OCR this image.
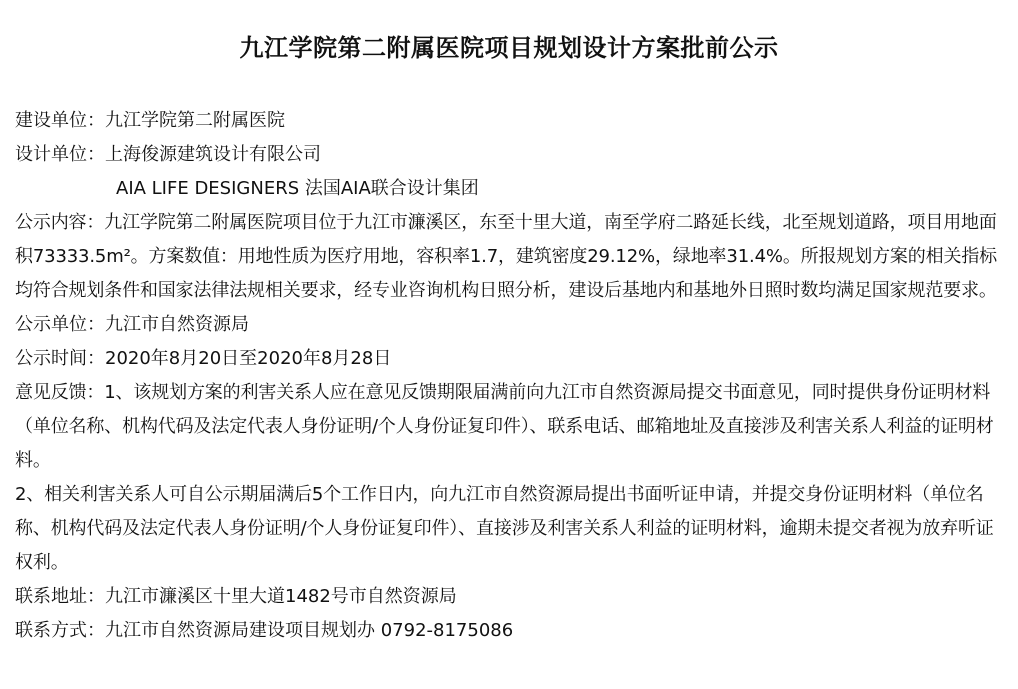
九江学院第二附属医院项目规划设计方案批前公示
建设单位：九江学院第二附属医院
设计单位：上海俊源建筑设计有限公司
AIA LIFE DESIGNERS 法国AIA联合设计集团
公示内容：九江学院第二附属医院项目位于九江市濂溪区，东至十里大道，南至学府二路延长线，北至规划道路，项目用地面积73333.5m²。方案数值：用地性质为医疗用地，容积率1.7，建筑密度29.12%，绿地率31.4%。所报规划方案的相关指标均符合规划条件和国家法律法规相关要求，经专业咨询机构日照分析，建设后基地内和基地外日照时数均满足国家规范要求。
公示单位：九江市自然资源局
公示时间：2020年8月20日至2020年8月28日
意见反馈：1、该规划方案的利害关系人应在意见反馈期限届满前向九江市自然资源局提交书面意见，同时提供身份证明材料（单位名称、机构代码及法定代表人身份证明/个人身份证复印件）、联系电话、邮箱地址及直接涉及利害关系人利益的证明材料。
2、相关利害关系人可自公示期届满后5个工作日内，向九江市自然资源局提出书面听证申请，并提交身份证明材料（单位名称、机构代码及法定代表人身份证明/个人身份证复印件）、直接涉及利害关系人利益的证明材料，逾期未提交者视为放弃听证权利。
联系地址：九江市濂溪区十里大道1482号市自然资源局
联系方式：九江市自然资源局建设项目规划办 0792-8175086
